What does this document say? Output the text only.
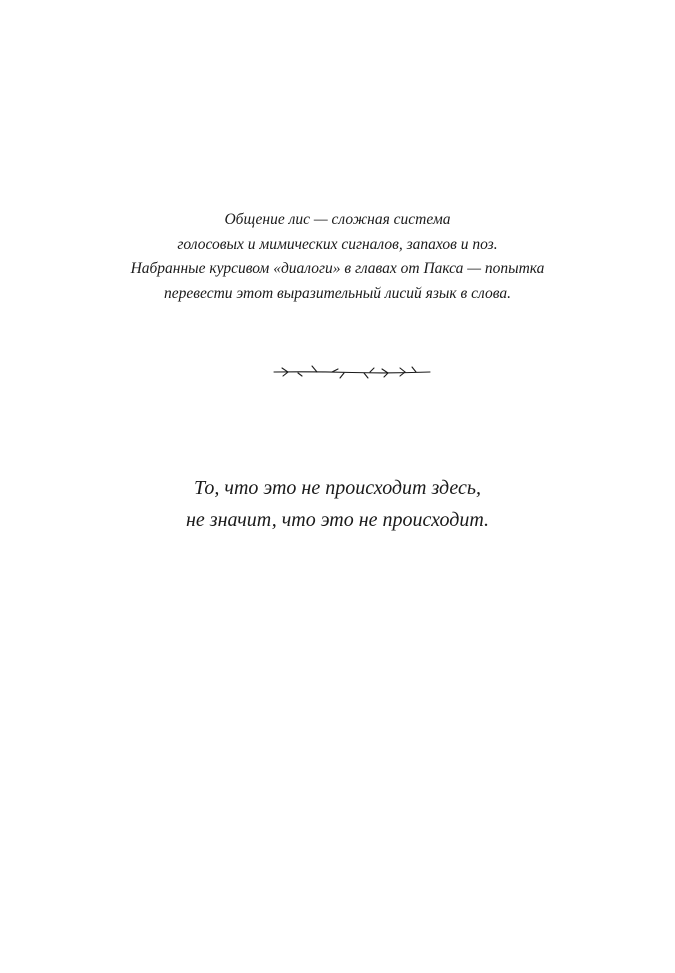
Общение лис — сложная система
голосовых и мимических сигналов, запахов и поз.
Набранные курсивом «диалоги» в главах от Пакса — попытка
перевести этот выразительный лисий язык в слова.
То, что это не происходит здесь,
не значит, что это не происходит.
